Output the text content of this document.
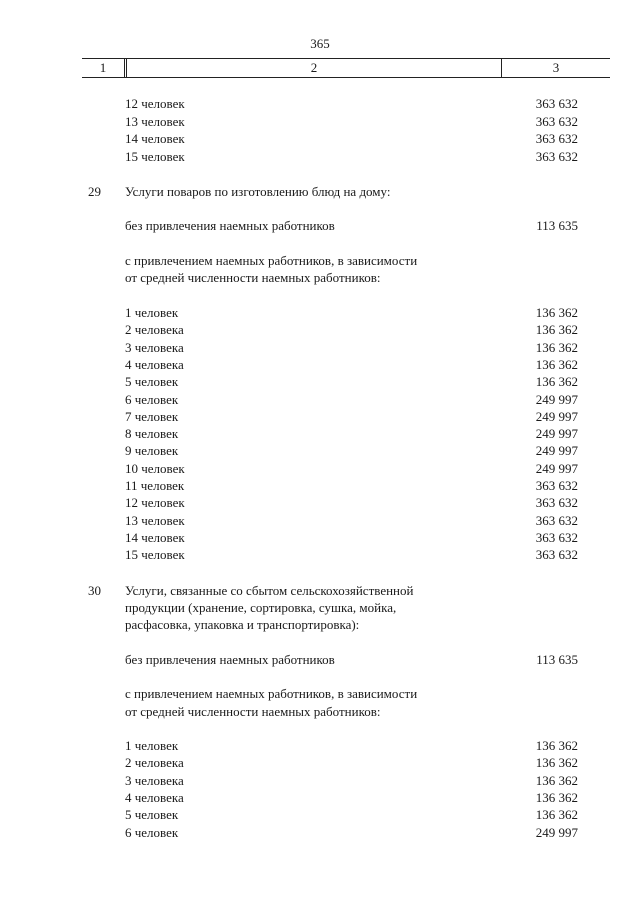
365
1	2	3
12 человек	363 632
13 человек	363 632
14 человек	363 632
15 человек	363 632
29 Услуги поваров по изготовлению блюд на дому:
без привлечения наемных работников	113 635
с привлечением наемных работников, в зависимости
от средней численности наемных работников:
1 человек	136 362
2 человека	136 362
3 человека	136 362
4 человека	136 362
5 человек	136 362
6 человек	249 997
7 человек	249 997
8 человек	249 997
9 человек	249 997
10 человек	249 997
11 человек	363 632
12 человек	363 632
13 человек	363 632
14 человек	363 632
15 человек	363 632
30 Услуги, связанные со сбытом сельскохозяйственной
продукции (хранение, сортировка, сушка, мойка,
расфасовка, упаковка и транспортировка):
без привлечения наемных работников	113 635
с привлечением наемных работников, в зависимости
от средней численности наемных работников:
1 человек	136 362
2 человека	136 362
3 человека	136 362
4 человека	136 362
5 человек	136 362
6 человек	249 997
